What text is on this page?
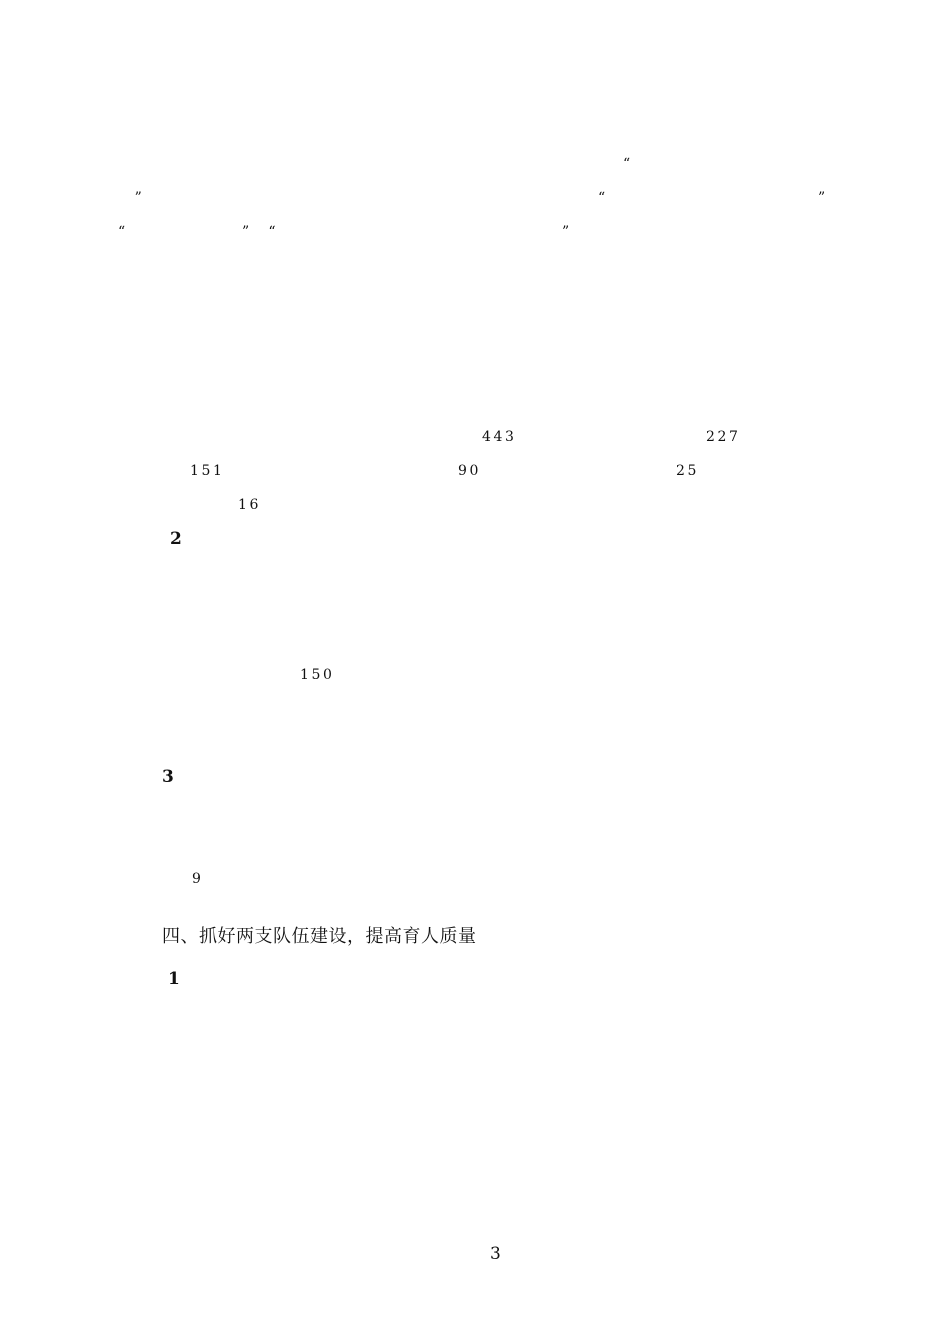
“　　　　　　　　　
　”　　　　　　　　　

　　　　　	“　　　　　　　	”　
“　　　　　 ”　“　　　　　　
　　　　　　	”　　　　　　　　

443　　　　　　　　	227　　　　

151　　　　　　　　　　	90　　　　　　　　	25　　　　　　

16　　
2　　　　　　　　　　　　　　　　　　　

150　　　　　　　　　　　　　　　　　　　　　　　

3　　　　　　　　　　　　　　　　　　　　

9　　　　　　　　　　　　　　　　　　　　　　　　　　　　　

1　　　　　　　　　　　　　　　　　　　　　

四、抓好两支队伍建设，提高育人质量
3
